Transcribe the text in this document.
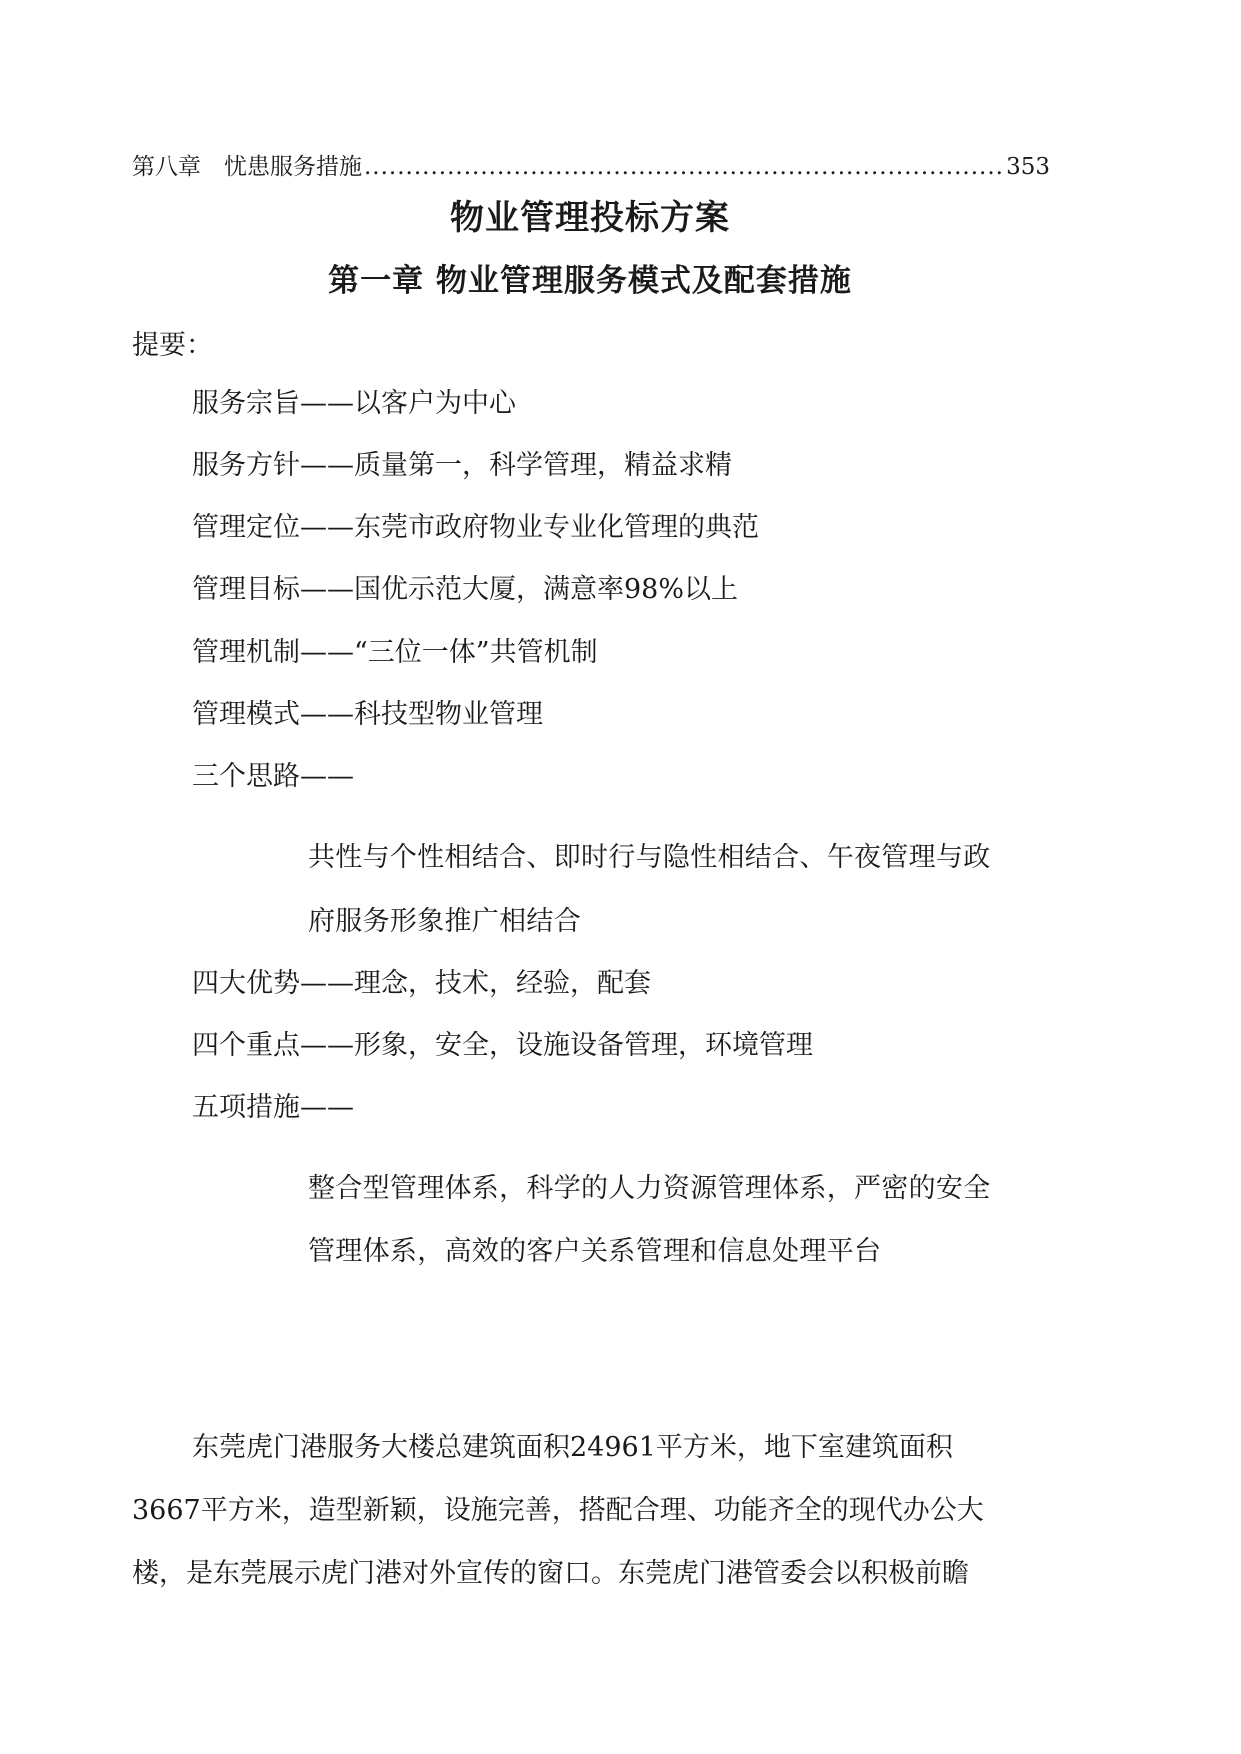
第八章　忧患服务措施
.....	353
物业管理投标方案
第一章 物业管理服务模式及配套措施
提要：
服务宗旨——以客户为中心
服务方针——质量第一，科学管理，精益求精
管理定位——东莞市政府物业专业化管理的典范
管理目标——国优示范大厦，满意率98%以上
管理机制——“三位一体”共管机制
管理模式——科技型物业管理
三个思路——
共性与个性相结合、即时行与隐性相结合、午夜管理与政
府服务形象推广相结合
四大优势——理念，技术，经验，配套
四个重点——形象，安全，设施设备管理，环境管理
五项措施——
整合型管理体系，科学的人力资源管理体系，严密的安全
管理体系，高效的客户关系管理和信息处理平台
东莞虎门港服务大楼总建筑面积24961平方米，地下室建筑面积
3667平方米，造型新颖，设施完善，搭配合理、功能齐全的现代办公大
楼，是东莞展示虎门港对外宣传的窗口。东莞虎门港管委会以积极前瞻
